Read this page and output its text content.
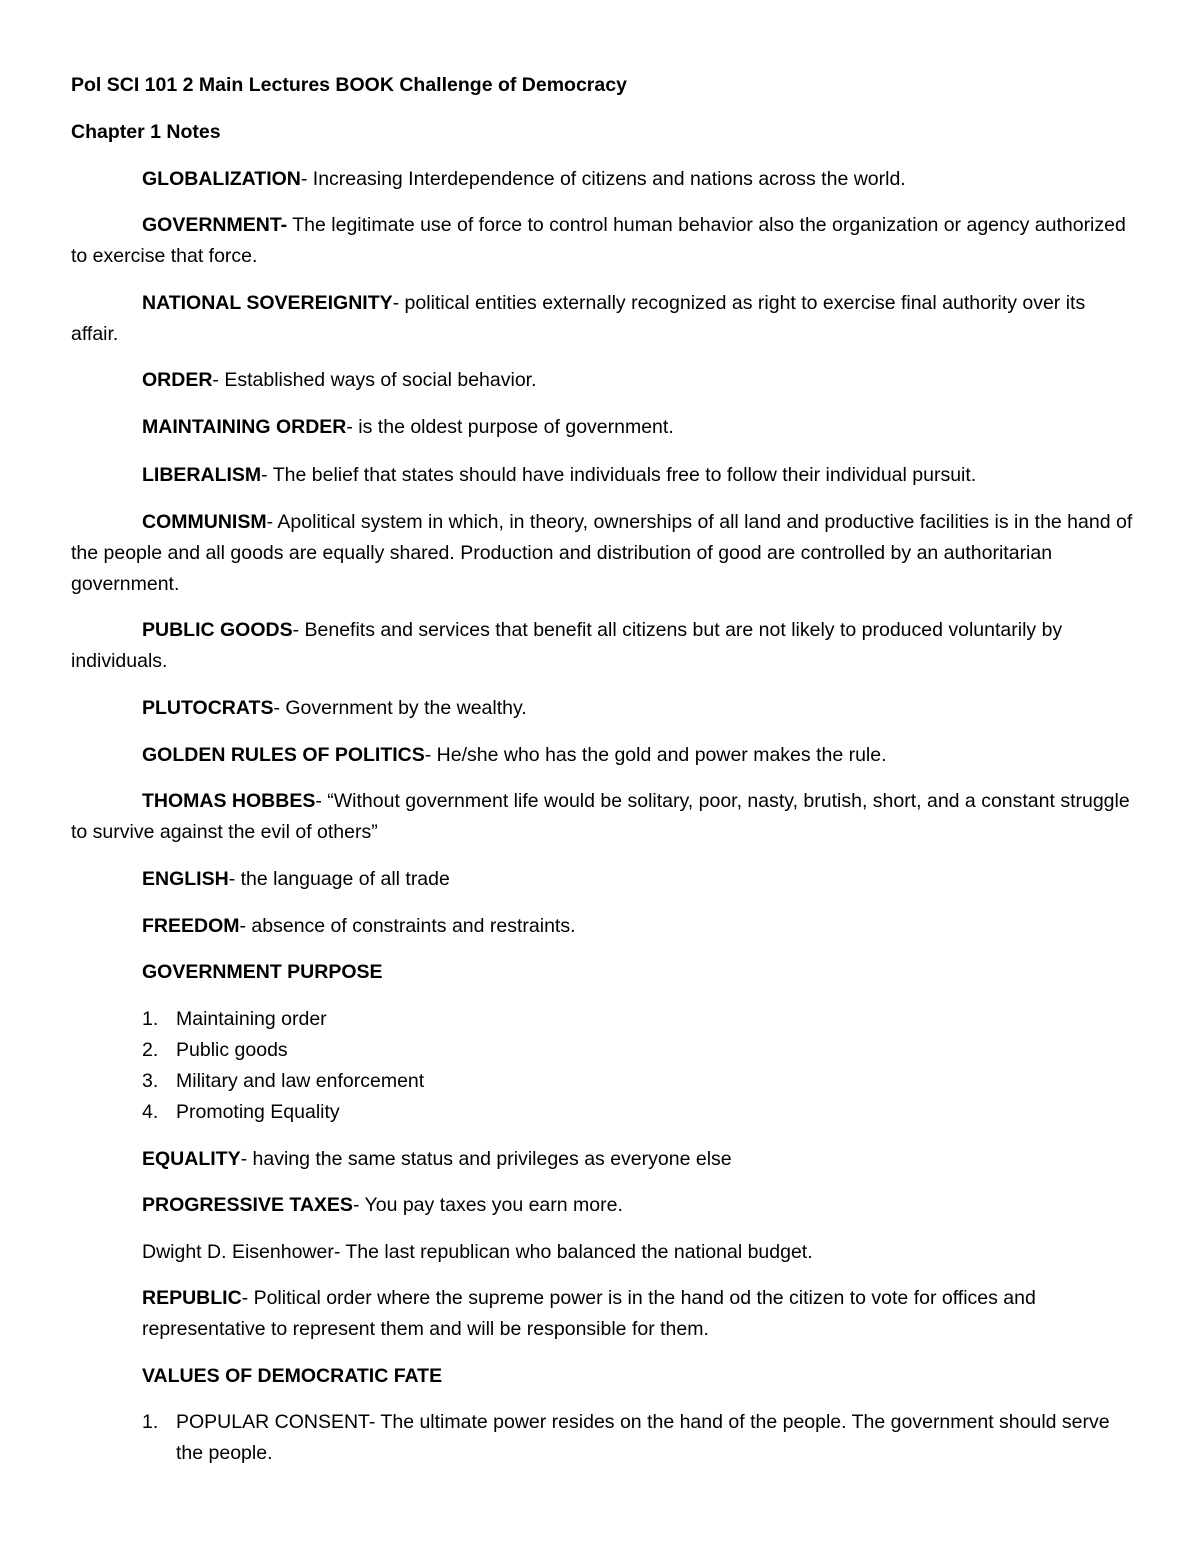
Pol SCI 101 2 Main Lectures BOOK Challenge of Democracy
Chapter 1 Notes
GLOBALIZATION- Increasing Interdependence of citizens and nations across the world.
GOVERNMENT- The legitimate use of force to control human behavior also the organization or agency authorized to exercise that force.
NATIONAL SOVEREIGNITY- political entities externally recognized as right to exercise final authority over its affair.
ORDER- Established ways of social behavior.
MAINTAINING ORDER- is the oldest purpose of government.
LIBERALISM- The belief that states should have individuals free to follow their individual pursuit.
COMMUNISM- Apolitical system in which, in theory, ownerships of all land and productive facilities is in the hand of the people and all goods are equally shared. Production and distribution of good are controlled by an authoritarian government.
PUBLIC GOODS- Benefits and services that benefit all citizens but are not likely to produced voluntarily by individuals.
PLUTOCRATS- Government by the wealthy.
GOLDEN RULES OF POLITICS- He/she who has the gold and power makes the rule.
THOMAS HOBBES- “Without government life would be solitary, poor, nasty, brutish, short, and a constant struggle to survive against the evil of others”
ENGLISH- the language of all trade
FREEDOM- absence of constraints and restraints.
GOVERNMENT PURPOSE
1. Maintaining order
2. Public goods
3. Military and law enforcement
4. Promoting Equality
EQUALITY- having the same status and privileges as everyone else
PROGRESSIVE TAXES- You pay taxes you earn more.
Dwight D. Eisenhower- The last republican who balanced the national budget.
REPUBLIC- Political order where the supreme power is in the hand od the citizen to vote for offices and representative to represent them and will be responsible for them.
VALUES OF DEMOCRATIC FATE
1. POPULAR CONSENT- The ultimate power resides on the hand of the people. The government should serve the people.
